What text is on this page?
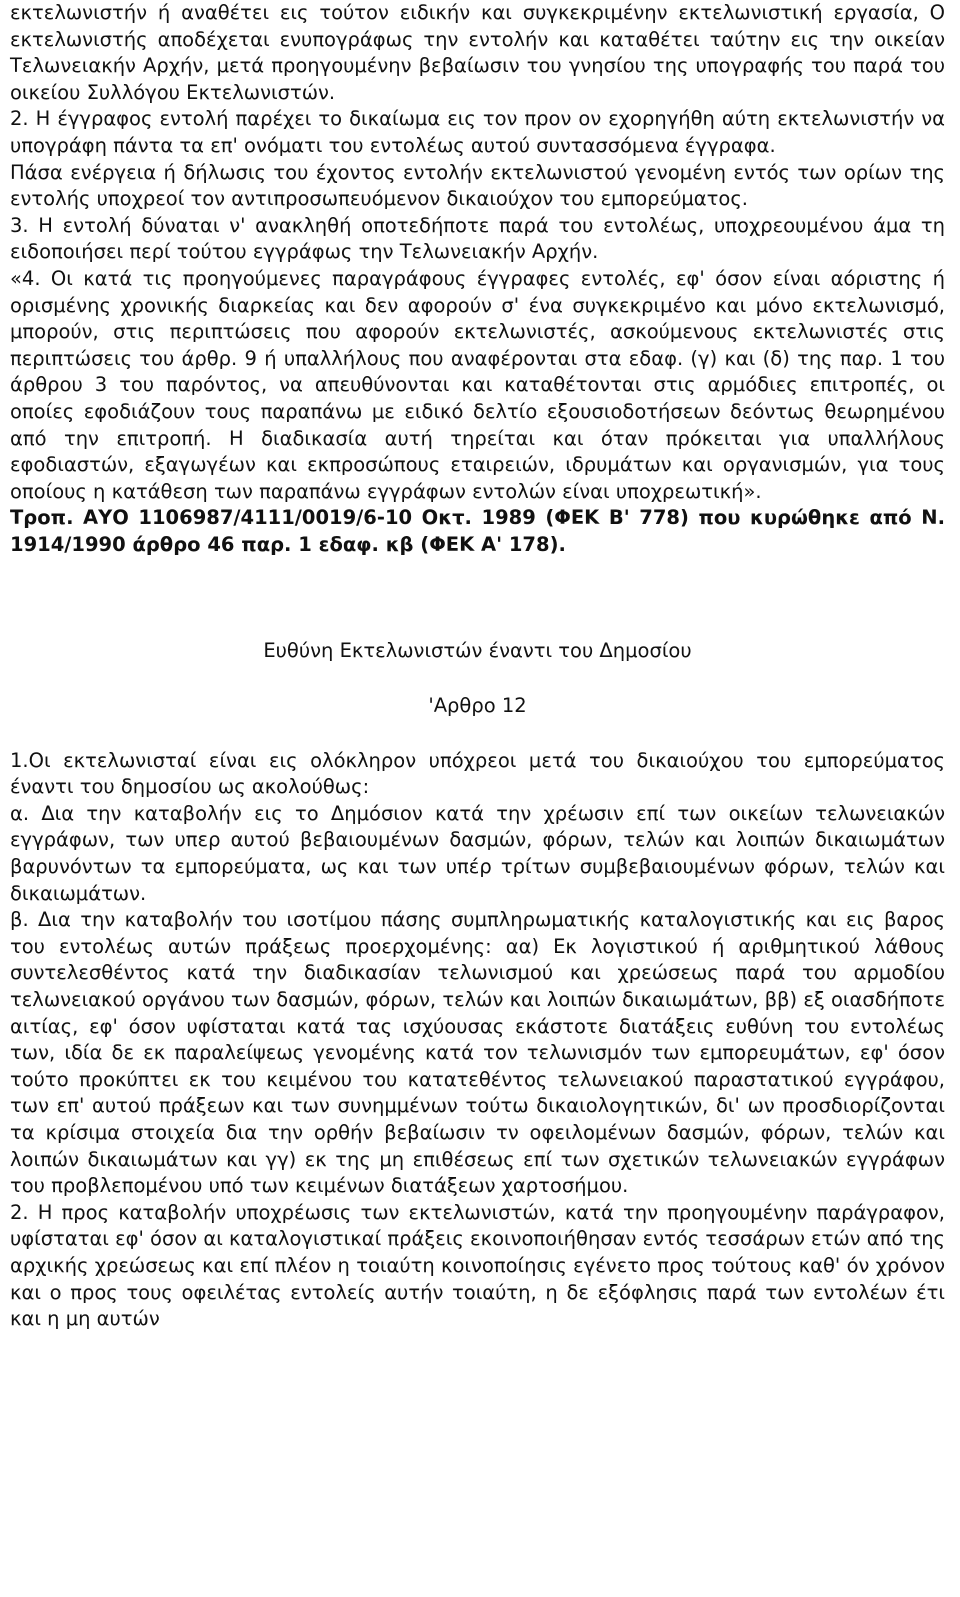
εκτελωνιστήν ή αναθέτει εις τούτον ειδικήν και συγκεκριμένην εκτελωνιστική εργασία, Ο εκτελωνιστής αποδέχεται ενυπογράφως την εντολήν και καταθέτει ταύτην εις την οικείαν Τελωνειακήν Αρχήν, μετά προηγουμένην βεβαίωσιν του γνησίου της υπογραφής του παρά του οικείου Συλλόγου Εκτελωνιστών.

2. Η έγγραφος εντολή παρέχει το δικαίωμα εις τον προν ον εχορηγήθη αύτη εκτελωνιστήν να υπογράφη πάντα τα επ' ονόματι του εντολέως αυτού συντασσόμενα έγγραφα.

Πάσα ενέργεια ή δήλωσις του έχοντος εντολήν εκτελωνιστού γενομένη εντός των ορίων της εντολής υποχρεοί τον αντιπροσωπευόμενον δικαιούχον του εμπορεύματος.

3. Η εντολή δύναται ν' ανακληθή οποτεδήποτε παρά του εντολέως, υποχρεουμένου άμα τη ειδοποιήσει περί τούτου εγγράφως την Τελωνειακήν Αρχήν.

«4. Οι κατά τις προηγούμενες παραγράφους έγγραφες εντολές, εφ' όσον είναι αόριστης ή ορισμένης χρονικής διαρκείας και δεν αφορούν σ' ένα συγκεκριμένο και μόνο εκτελωνισμό, μπορούν, στις περιπτώσεις που αφορούν εκτελωνιστές, ασκούμενους εκτελωνιστές στις περιπτώσεις του άρθρ. 9 ή υπαλλήλους που αναφέρονται στα εδαφ. (γ) και (δ) της παρ. 1 του άρθρου 3 του παρόντος, να απευθύνονται και καταθέτονται στις αρμόδιες επιτροπές, οι οποίες εφοδιάζουν τους παραπάνω με ειδικό δελτίο εξουσιοδοτήσεων δεόντως θεωρημένου από την επιτροπή. Η διαδικασία αυτή τηρείται και όταν πρόκειται για υπαλλήλους εφοδιαστών, εξαγωγέων και εκπροσώπους εταιρειών, ιδρυμάτων και οργανισμών, για τους οποίους η κατάθεση των παραπάνω εγγράφων εντολών είναι υποχρεωτική».

Τροπ. ΑΥΟ 1106987/4111/0019/6-10 Οκτ. 1989 (ΦΕΚ Β' 778) που κυρώθηκε από Ν. 1914/1990 άρθρο 46 παρ. 1 εδαφ. κβ (ΦΕΚ Α' 178).

Ευθύνη Εκτελωνιστών έναντι του Δημοσίου

'Αρθρο 12

1.Οι εκτελωνισταί είναι εις ολόκληρον υπόχρεοι μετά του δικαιούχου του εμπορεύματος έναντι του δημοσίου ως ακολούθως:

α. Δια την καταβολήν εις το Δημόσιον κατά την χρέωσιν επί των οικείων τελωνειακών εγγράφων, των υπερ αυτού βεβαιουμένων δασμών, φόρων, τελών και λοιπών δικαιωμάτων βαρυνόντων τα εμπορεύματα, ως και των υπέρ τρίτων συμβεβαιουμένων φόρων, τελών και δικαιωμάτων.

β. Δια την καταβολήν του ισοτίμου πάσης συμπληρωματικής καταλογιστικής και εις βαρος του εντολέως αυτών πράξεως προερχομένης: αα) Εκ λογιστικού ή αριθμητικού λάθους συντελεσθέντος κατά την διαδικασίαν τελωνισμού και χρεώσεως παρά του αρμοδίου τελωνειακού οργάνου των δασμών, φόρων, τελών και λοιπών δικαιωμάτων, ββ) εξ οιασδήποτε αιτίας, εφ' όσον υφίσταται κατά τας ισχύουσας εκάστοτε διατάξεις ευθύνη του εντολέως των, ιδία δε εκ παραλείψεως γενομένης κατά τον τελωνισμόν των εμπορευμάτων, εφ' όσον τούτο προκύπτει εκ του κειμένου του κατατεθέντος τελωνειακού παραστατικού εγγράφου, των επ' αυτού πράξεων και των συνημμένων τούτω δικαιολογητικών, δι' ων προσδιορίζονται τα κρίσιμα στοιχεία δια την ορθήν βεβαίωσιν τν οφειλομένων δασμών, φόρων, τελών και λοιπών δικαιωμάτων και γγ) εκ της μη επιθέσεως επί των σχετικών τελωνειακών εγγράφων του προβλεπομένου υπό των κειμένων διατάξεων χαρτοσήμου.

2. Η προς καταβολήν υποχρέωσις των εκτελωνιστών, κατά την προηγουμένην παράγραφον, υφίσταται εφ' όσον αι καταλογιστικαί πράξεις εκοινοποιήθησαν εντός τεσσάρων ετών από της αρχικής χρεώσεως και επί πλέον η τοιαύτη κοινοποίησις εγένετο προς τούτους καθ' όν χρόνον και ο προς τους οφειλέτας εντολείς αυτήν τοιαύτη, η δε εξόφλησις παρά των εντολέων έτι και η μη αυτών
